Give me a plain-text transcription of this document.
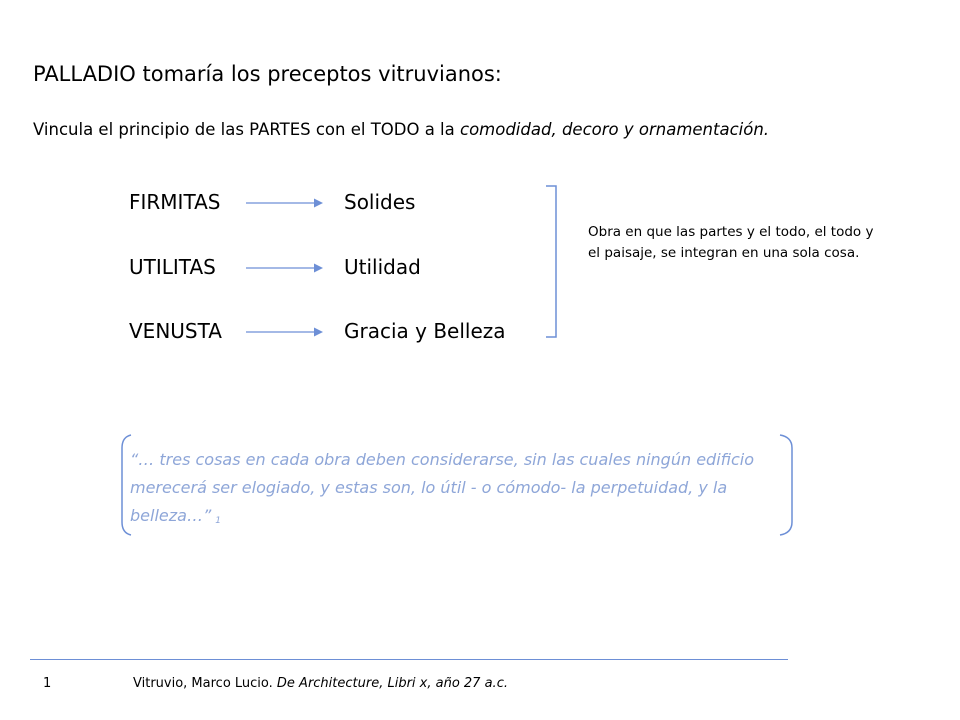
PALLADIO tomaría los preceptos vitruvianos:
Vincula el principio de las PARTES con el TODO a la comodidad, decoro y ornamentación.
FIRMITAS	Solides
UTILITAS	Utilidad
VENUSTA	Gracia y Belleza
Obra en que las partes y el todo, el todo y el paisaje, se integran en una sola cosa.
“… tres cosas en cada obra deben considerarse, sin las cuales ningún edificio merecerá ser elogiado, y estas son, lo útil - o cómodo- la perpetuidad, y la belleza…” 1
1	Vitruvio, Marco Lucio. De Architecture, Libri x, año 27 a.c.
